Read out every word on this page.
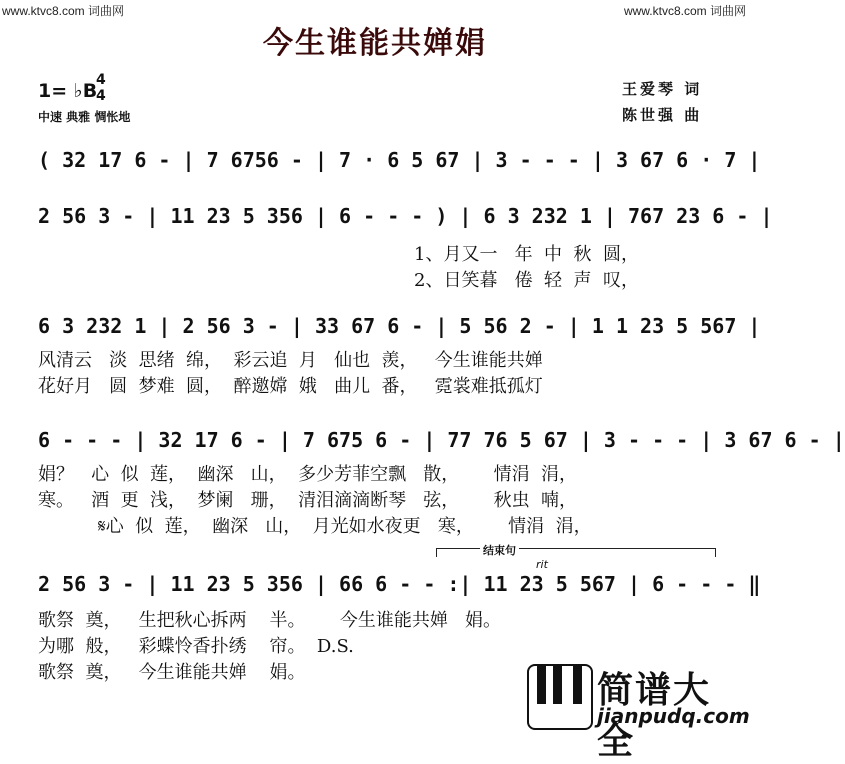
www.ktvc8.com 词曲网	www.ktvc8.com 词曲网
今生谁能共婵娟
1= ♭B
4
4
中速 典雅 惆怅地
王爱琴 词
陈世强 曲
( 32 17 6 - | 7 6756 - | 7 · 6 5 67 | 3 - - - | 3 67 6 · 7 |
2 56 3 - | 11 23 5 356 | 6 - - - ) | 6 3 232 1 | 767 23 6 - |
1、月又一   年  中  秋  圆，
2、日笑暮   倦  轻  声  叹，
6 3 232 1 | 2 56 3 - | 33 67 6 - | 5 56 2 - | 1 1 23 5 567 |
风清云   淡  思绪  绵，  彩云追  月   仙也  羡，   今生谁能共婵
花好月   圆  梦难  圆，  醉邀嫦  娥   曲儿  番，   霓裳难抵孤灯
6 - - - | 32 17 6 - | 7 675 6 - | 77 76 5 67 | 3 - - - | 3 67 6 - |
娟？   心  似  莲，  幽深   山，  多少芳菲空飘   散，      情涓  涓，
寒。   酒  更  浅，  梦阑   珊，  清泪滴滴断琴   弦，      秋虫  喃，
𝄋心  似  莲，  幽深   山，  月光如水夜更   寒，      情涓  涓，
结束句
rit
2 56 3 - | 11 23 5 356 | 66 6 - - :| 11 23 5 567 | 6 - - - ‖
歌祭  奠，   生把秋心拆两    半。      今生谁能共婵   娟。
为哪  般，   彩蝶怜香扑绣    帘。  D.S.
歌祭  奠，   今生谁能共婵    娟。	简谱大全
jianpudq.com
